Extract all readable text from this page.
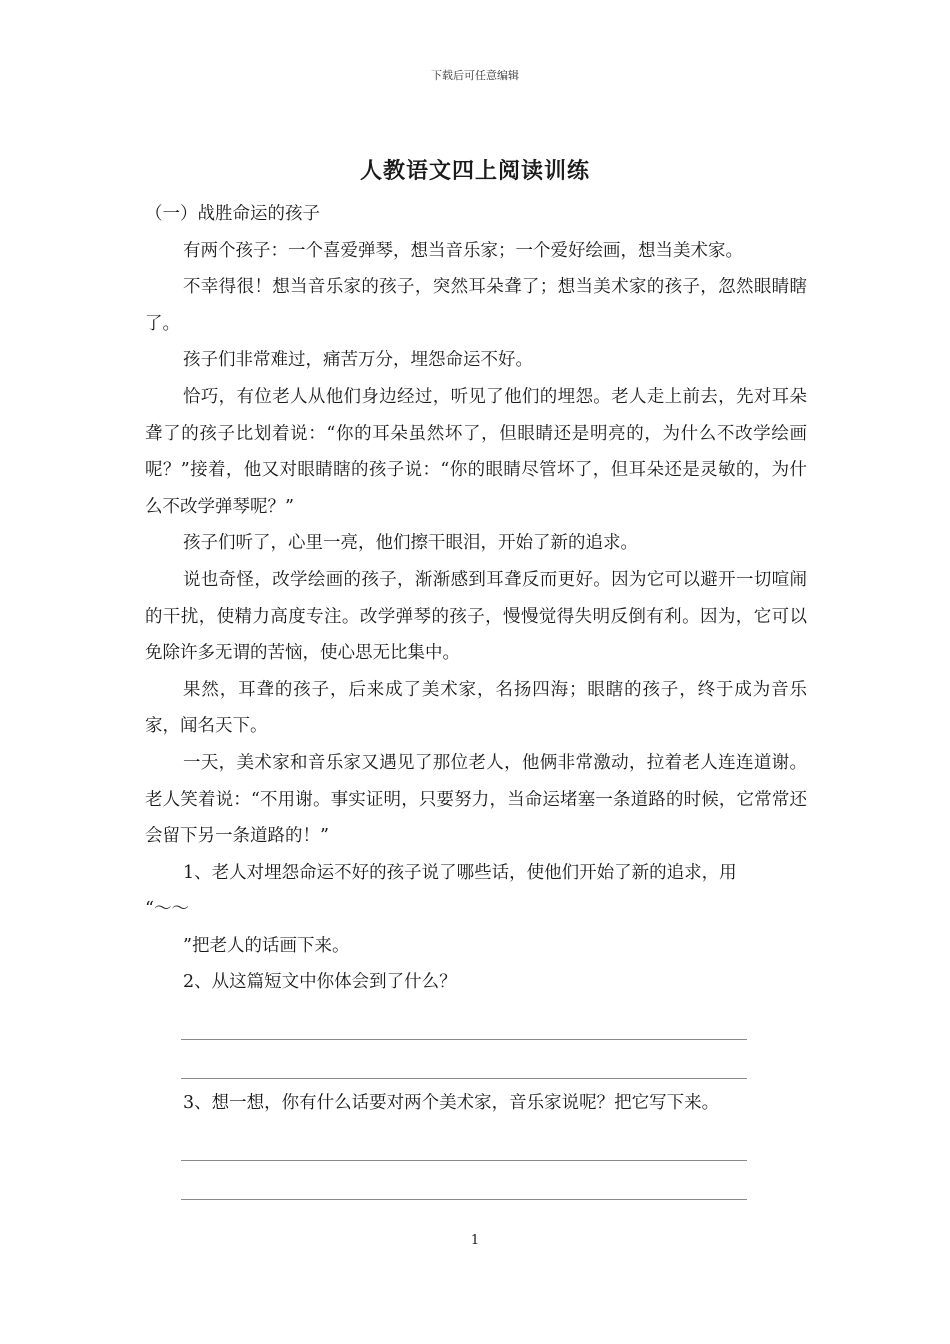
下载后可任意编辑
人教语文四上阅读训练

（一）战胜命运的孩子

有两个孩子：一个喜爱弹琴，想当音乐家；一个爱好绘画，想当美术家。

不幸得很！想当音乐家的孩子，突然耳朵聋了；想当美术家的孩子，忽然眼睛瞎了。

孩子们非常难过，痛苦万分，埋怨命运不好。

恰巧，有位老人从他们身边经过，听见了他们的埋怨。老人走上前去，先对耳朵聋了的孩子比划着说：“你的耳朵虽然坏了，但眼睛还是明亮的，为什么不改学绘画呢？”接着，他又对眼睛瞎的孩子说：“你的眼睛尽管坏了，但耳朵还是灵敏的，为什么不改学弹琴呢？”

孩子们听了，心里一亮，他们擦干眼泪，开始了新的追求。

说也奇怪，改学绘画的孩子，渐渐感到耳聋反而更好。因为它可以避开一切喧闹的干扰，使精力高度专注。改学弹琴的孩子，慢慢觉得失明反倒有利。因为，它可以免除许多无谓的苦恼，使心思无比集中。

果然，耳聋的孩子，后来成了美术家，名扬四海；眼瞎的孩子，终于成为音乐家，闻名天下。

一天，美术家和音乐家又遇见了那位老人，他俩非常激动，拉着老人连连道谢。老人笑着说：“不用谢。事实证明，只要努力，当命运堵塞一条道路的时候，它常常还会留下另一条道路的！”

1、老人对埋怨命运不好的孩子说了哪些话，使他们开始了新的追求，用

“～～

”把老人的话画下来。

2、从这篇短文中你体会到了什么？

3、想一想，你有什么话要对两个美术家，音乐家说呢？把它写下来。

1
